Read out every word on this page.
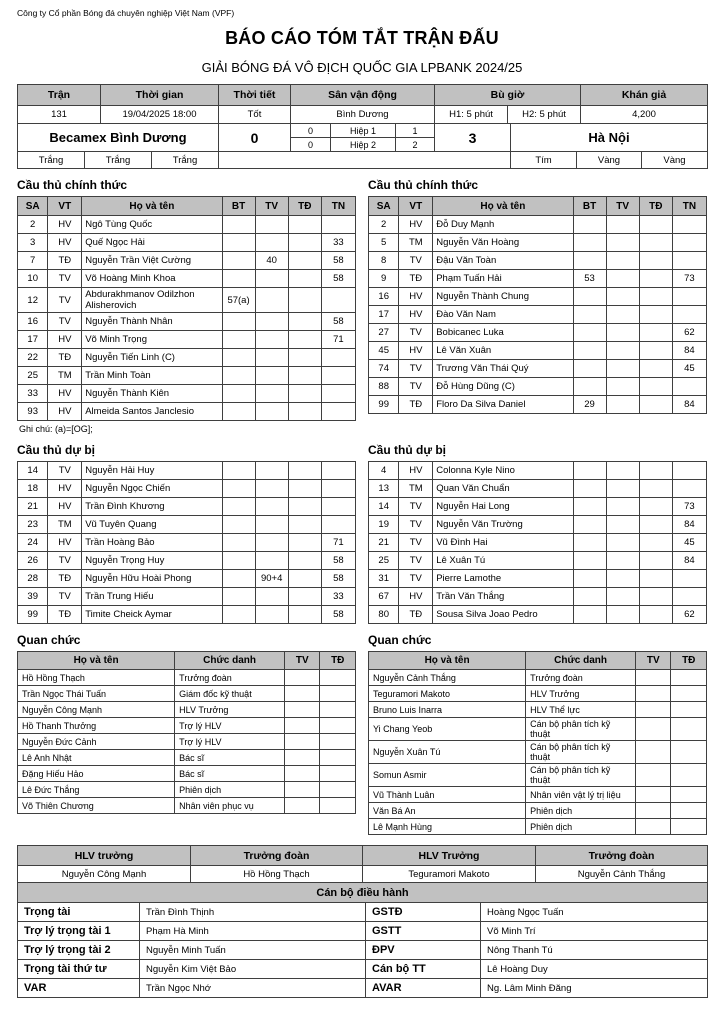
Công ty Cổ phần Bóng đá chuyên nghiệp Việt Nam (VPF)
BÁO CÁO TÓM TẮT TRẬN ĐẤU
GIẢI BÓNG ĐÁ VÔ ĐỊCH QUỐC GIA LPBANK 2024/25
Trận	Thời gian	Thời tiết	Sân vận động	Bù giờ		Khán giả
131	19/04/2025 18:00	Tốt	Bình Dương	H1: 5 phút	H2: 5 phút	4,200
Becamex Bình Dương	0	0	Hiệp 1	1	3	Hà Nội
		0	Hiệp 2	2		
Trắng	Trắng	Trắng		Tím	Vàng	Vàng
Cầu thủ chính thức	Cầu thủ chính thức
SA	VT	Họ và tên	BT	TV	TĐ	TN
2	HV	Ngô Tùng Quốc				
3	HV	Quế Ngọc Hải				33
7	TĐ	Nguyễn Trần Việt Cường		40		58
10	TV	Võ Hoàng Minh Khoa				58
12	TV	Abdurakhmanov Odilzhon Alisherovich	57(a)			
16	TV	Nguyễn Thành Nhân				58
17	HV	Võ Minh Trọng				71
22	TĐ	Nguyễn Tiến Linh (C)				
25	TM	Trần Minh Toàn				
33	HV	Nguyễn Thành Kiên				
93	HV	Almeida Santos Janclesio				
Ghi chú: (a)=[OG];
SA	VT	Họ và tên	BT	TV	TĐ	TN
2	HV	Đỗ Duy Mạnh				
5	TM	Nguyễn Văn Hoàng				
8	TV	Đậu Văn Toàn				
9	TĐ	Phạm Tuấn Hải	53			73
16	HV	Nguyễn Thành Chung				
17	HV	Đào Văn Nam				
27	TV	Bobicanec Luka				62
45	HV	Lê Văn Xuân				84
74	TV	Trương Văn Thái Quý				45
88	TV	Đỗ Hùng Dũng (C)				
99	TĐ	Floro Da Silva Daniel	29			84
Cầu thủ dự bị	Cầu thủ dự bị
14	TV	Nguyễn Hải Huy				
18	HV	Nguyễn Ngọc Chiến				
21	HV	Trần Đình Khương				
23	TM	Vũ Tuyên Quang				
24	HV	Trần Hoàng Bảo				71
26	TV	Nguyễn Trọng Huy				58
28	TĐ	Nguyễn Hữu Hoài Phong		90+4		58
39	TV	Trần Trung Hiếu				33
99	TĐ	Timite Cheick Aymar				58
4	HV	Colonna Kyle Nino				
13	TM	Quan Văn Chuẩn				
14	TV	Nguyễn Hai Long				73
19	TV	Nguyễn Văn Trường				84
21	TV	Vũ Đình Hai				45
25	TV	Lê Xuân Tú				84
31	TV	Pierre Lamothe				
67	HV	Trần Văn Thắng				
80	TĐ	Sousa Silva Joao Pedro				62
Quan chức	Quan chức
Họ và tên	Chức danh	TV	TĐ
Hồ Hồng Thạch	Trưởng đoàn		
Trần Ngọc Thái Tuấn	Giám đốc kỹ thuật		
Nguyễn Công Mạnh	HLV Trưởng		
Hồ Thanh Thưởng	Trợ lý HLV		
Nguyễn Đức Cảnh	Trợ lý HLV		
Lê Anh Nhật	Bác sĩ		
Đặng Hiếu Hảo	Bác sĩ		
Lê Đức Thắng	Phiên dịch		
Võ Thiên Chương	Nhân viên phục vụ		
Họ và tên	Chức danh	TV	TĐ
Nguyễn Cảnh Thắng	Trưởng đoàn		
Teguramori Makoto	HLV Trưởng		
Bruno Luis Inarra	HLV Thể lực		
Yi Chang Yeob	Cán bộ phân tích kỹ thuật		
Nguyễn Xuân Tú	Cán bộ phân tích kỹ thuật		
Somun Asmir	Cán bộ phân tích kỹ thuật		
Vũ Thành Luân	Nhân viên vật lý trị liệu		
Văn Bá An	Phiên dịch		
Lê Mạnh Hùng	Phiên dịch		
HLV trưởng	Trưởng đoàn	HLV Trưởng	Trưởng đoàn
Nguyễn Công Mạnh	Hồ Hồng Thạch	Teguramori Makoto	Nguyễn Cảnh Thắng
Cán bộ điều hành			
Trọng tài	Trần Đình Thịnh	GSTĐ	Hoàng Ngọc Tuấn
Trợ lý trọng tài 1	Phạm Hà Minh	GSTT	Võ Minh Trí
Trợ lý trọng tài 2	Nguyễn Minh Tuấn	ĐPV	Nông Thanh Tú
Trọng tài thứ tư	Nguyễn Kim Việt Bảo	Cán bộ TT	Lê Hoàng Duy
VAR	Trần Ngọc Nhớ	AVAR	Ng. Lâm Minh Đăng
